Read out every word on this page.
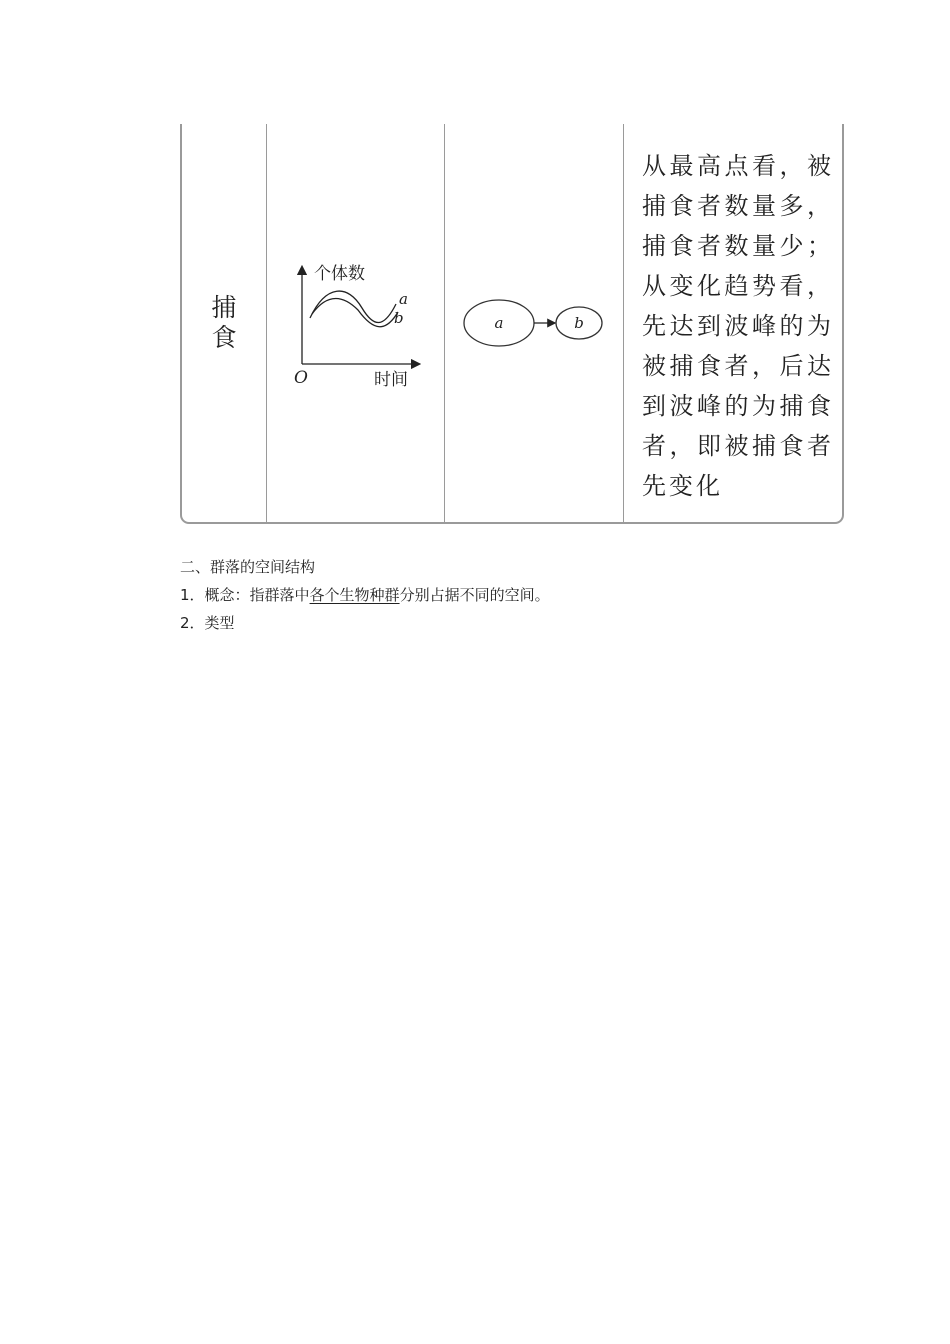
捕食
个体数
时间
O
a
b	a	b

从最高点看，被捕食者数量多，捕食者数量少；从变化趋势看，先达到波峰的为被捕食者，后达到波峰的为捕食者，即被捕食者先变化

二、群落的空间结构
1．概念：指群落中各个生物种群分别占据不同的空间。
2．类型
